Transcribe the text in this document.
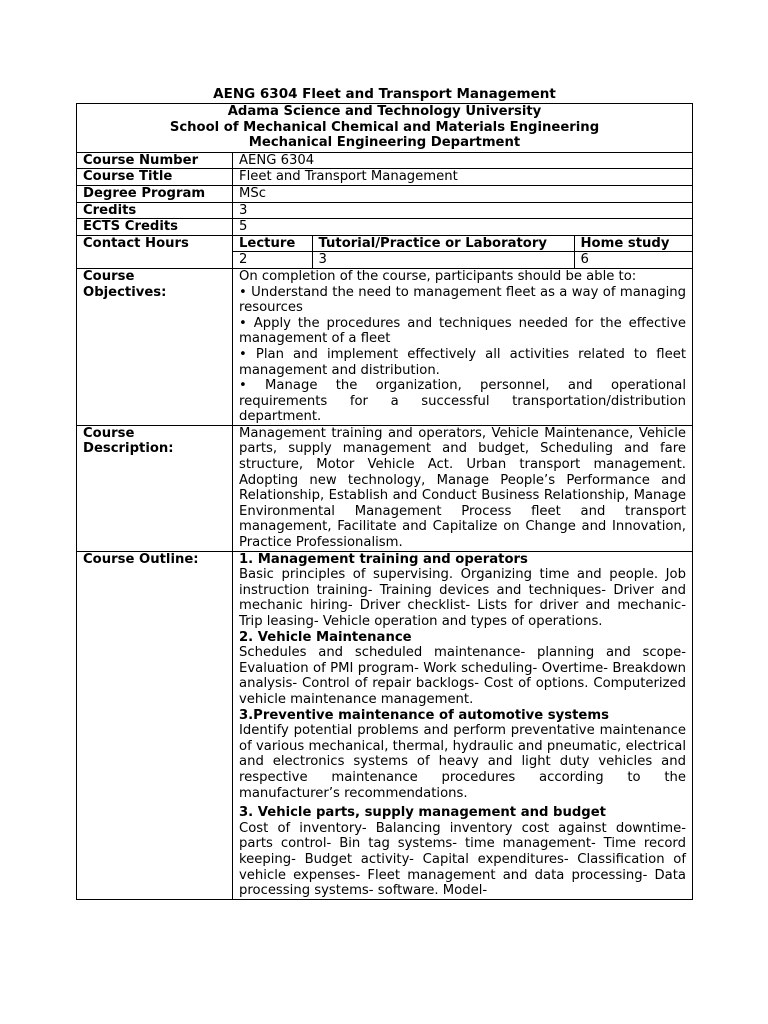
AENG 6304 Fleet and Transport Management
Adama Science and Technology University
School of Mechanical Chemical and Materials Engineering
Mechanical Engineering Department

Course Number	AENG 6304
Course Title	Fleet and Transport Management
Degree Program	MSc
Credits	3
ECTS Credits	5
Contact Hours		Lecture	Tutorial/Practice or Laboratory	Home study
2	3	6

Course
Objectives:

On completion of the course, participants should be able to:
• Understand the need to management fleet as a way of managing resources
• Apply the procedures and techniques needed for the effective management of a fleet
• Plan and implement effectively all activities related to fleet management and distribution.
• Manage the organization, personnel, and operational requirements for a successful transportation/distribution department.

Course
Description:
	Management training and operators, Vehicle Maintenance, Vehicle parts, supply management and budget, Scheduling and fare structure, Motor Vehicle Act. Urban transport management. Adopting new technology, Manage People’s Performance and Relationship, Establish and Conduct Business Relationship, Manage Environmental Management Process fleet and transport management, Facilitate and Capitalize on Change and Innovation, Practice Professionalism.
Course Outline:	1. Management training and operators
Basic principles of supervising. Organizing time and people. Job instruction training- Training devices and techniques- Driver and mechanic hiring- Driver checklist- Lists for driver and mechanic- Trip leasing- Vehicle operation and types of operations.
2. Vehicle Maintenance
Schedules and scheduled maintenance- planning and scope- Evaluation of PMI program- Work scheduling- Overtime- Breakdown analysis- Control of repair backlogs- Cost of options. Computerized vehicle maintenance management.
3.Preventive maintenance of automotive systems
Identify potential problems and perform preventative maintenance of various mechanical, thermal, hydraulic and pneumatic, electrical and electronics systems of heavy and light duty vehicles and respective maintenance procedures according to the manufacturer’s recommendations.
3. Vehicle parts, supply management and budget
Cost of inventory- Balancing inventory cost against downtime- parts control- Bin tag systems- time management- Time record keeping- Budget activity- Capital expenditures- Classification of vehicle expenses- Fleet management and data processing- Data processing systems- software. Model-
